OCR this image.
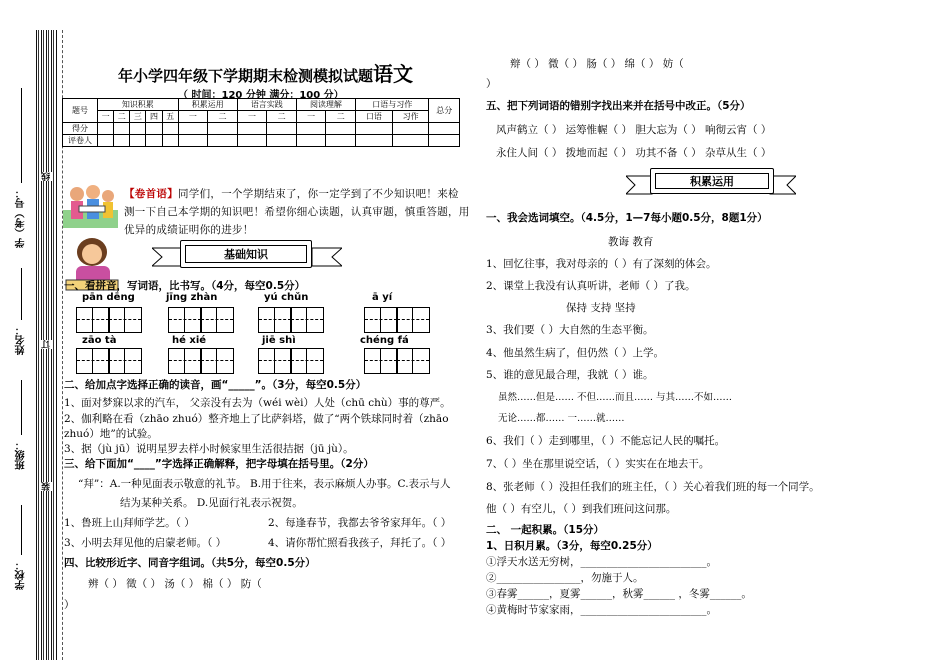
学校：
班级：
姓名：
学（考）号：
线
订
装
年小学四年级下学期期末检测模拟试题语文
（ 时间：120 分钟 满分：100 分）
题号	知识积累					积累运用		语言实践		阅读理解		口语与习作		总分
	一	二	三	四	五	一	二	一	二	一	二	口语	习作	
得分														
评卷人														
【卷首语】同学们，一个学期结束了，你一定学到了不少知识吧！来检
测一下自己本学期的知识吧！希望你细心读题，认真审题，慎重答题，用
优异的成绩证明你的进步！
基础知识
一、看拼音，写词语，比书写。（4分，每空0.5分）
pān dēng	jīng zhàn	yú chǔn	ā yí
zāo tà	hé xié	jiē shì	chéng fá
二、给加点字选择正确的读音，画“_____”。（3分，每空0.5分）
1、面对梦寐以求的汽车， 父亲没有去为（wéi wèi）人处（chū chù）事的尊严。
2、伽利略在看（zhāo zhuó）整齐地上了比萨斜塔，做了“两个铁球同时着（zhāo
zhuó）地”的试验。
3、据（jù jū）说明星罗去样小时候家里生活很拮据（jū jù）。
三、给下面加“____”字选择正确解释，把字母填在括号里。（2分）
“拜”：A.一种见面表示敬意的礼节。 B.用于往来，表示麻烦人办事。C.表示与人
结为某种关系。 D.见面行礼表示祝贺。
1、鲁班上山拜师学艺。（ ）	2、每逢春节，我都去爷爷家拜年。（ ）
3、小明去拜见他的启蒙老师。（ ）	4、请你帮忙照看我孩子，拜托了。（ ）
四、比较形近字、同音字组词。（共5分，每空0.5分）
辨（ ） 徵（ ） 汤（ ） 棉（ ） 防（
）
辩（ ） 微（ ） 肠（ ） 绵（ ） 妨（
）
五、把下列词语的错别字找出来并在括号中改正。（5分）
风声鹤立（ ） 运筹惟幄（ ） 胆大忘为（ ） 响彻云宵（ ）
永住人间（ ） 拨地而起（ ） 功其不备（ ） 杂草从生（ ）
积累运用
一、我会选词填空。（4.5分，1—7每小题0.5分，8题1分）
教诲 教育
1、回忆往事，我对母亲的（ ）有了深刻的体会。
2、课堂上我没有认真听讲，老师（ ）了我。
保持 支持 坚持
3、我们要（ ）大自然的生态平衡。
4、他虽然生病了，但仍然（ ）上学。
5、谁的意见最合理，我就（ ）谁。
虽然……但是…… 不但……而且…… 与其……不如……
无论……都…… 一……就……
6、我们（ ）走到哪里，（ ）不能忘记人民的嘱托。
7、（ ）坐在那里说空话，（ ）实实在在地去干。
8、张老师（ ）没担任我们的班主任，（ ）关心着我们班的每一个同学。
他（ ）有空儿，（ ）到我们班问这问那。
二、 一起积累。（15分）
1、日积月累。（3分，每空0.25分）
①浮天水送无穷树，________________________。
②________________，勿施于人。
③春雾______，夏雾______，秋雾______ ，冬雾______。
④黄梅时节家家雨，________________________。
